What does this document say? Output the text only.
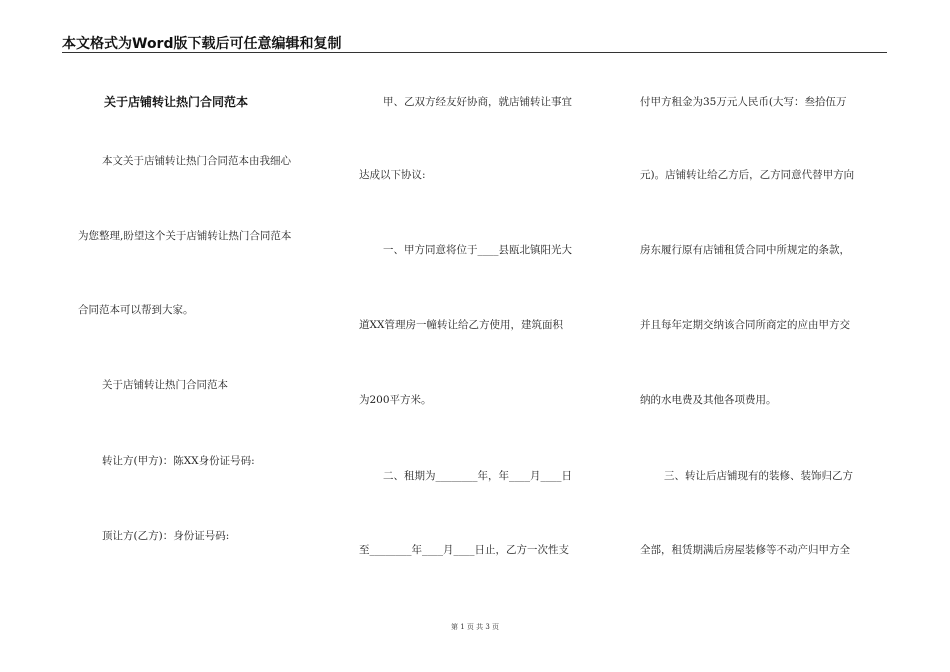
本文格式为Word版下载后可任意编辑和复制
关于店铺转让热门合同范本
本文关于店铺转让热门合同范本由我细心
为您整理,盼望这个关于店铺转让热门合同范本
合同范本可以帮到大家。
关于店铺转让热门合同范本
转让方(甲方)：陈XX身份证号码:
顶让方(乙方)：身份证号码:
甲、乙双方经友好协商，就店铺转让事宜
达成以下协议:
一、甲方同意将位于____县瓯北镇阳光大
道XX管理房一幢转让给乙方使用，建筑面积
为200平方米。
二、租期为________年，年____月____日
至________年____月____日止，乙方一次性支
付甲方租金为35万元人民币(大写：叁拾伍万
元)。店铺转让给乙方后，乙方同意代替甲方向
房东履行原有店铺租赁合同中所规定的条款，
并且每年定期交纳该合同所商定的应由甲方交
纳的水电费及其他各项费用。
三、转让后店铺现有的装修、装饰归乙方
全部，租赁期满后房屋装修等不动产归甲方全
第 1 页 共 3 页
